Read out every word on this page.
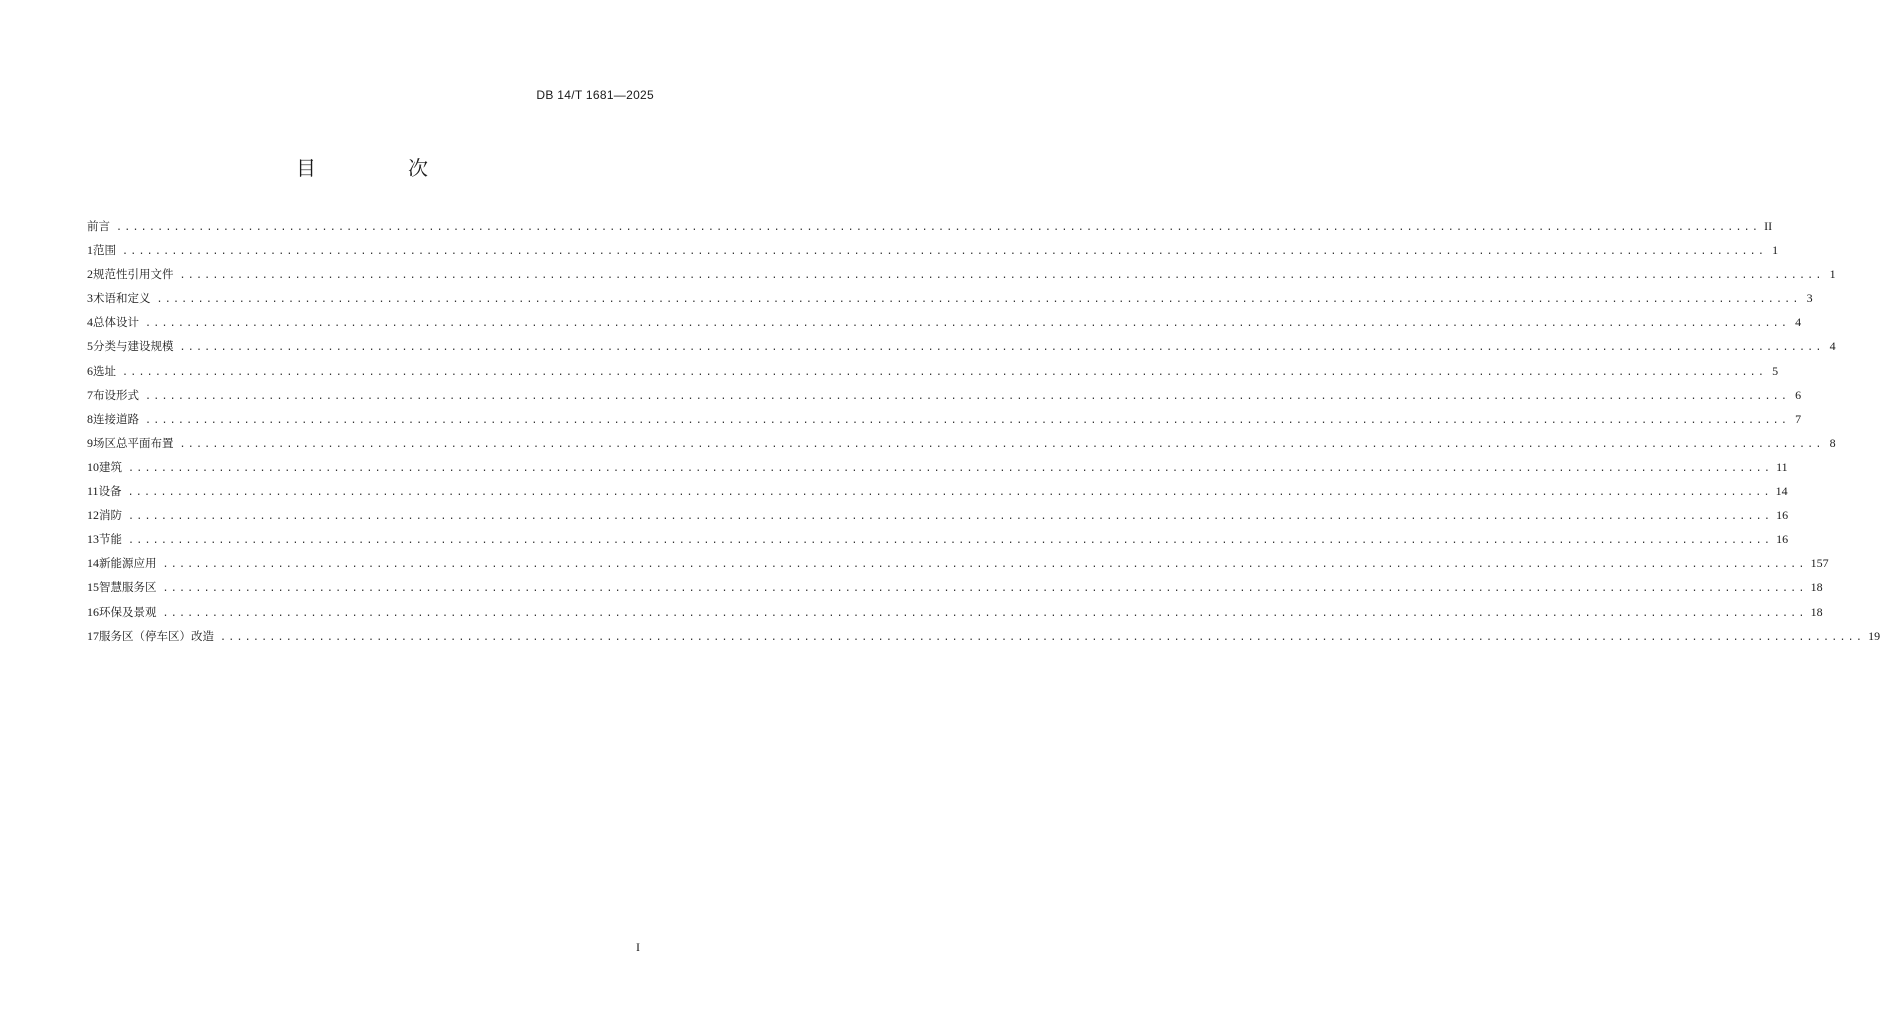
DB 14/T 1681—2025
目　次
前言 ........................................................................................................................................................................................................ II
1 范围 ........................................................................................................................................................................................................ 1
2 规范性引用文件 ........................................................................................................................................................................................................ 1
3 术语和定义 ........................................................................................................................................................................................................ 3
4 总体设计 ........................................................................................................................................................................................................ 4
5 分类与建设规模 ........................................................................................................................................................................................................ 4
6 选址 ........................................................................................................................................................................................................ 5
7 布设形式 ........................................................................................................................................................................................................ 6
8 连接道路 ........................................................................................................................................................................................................ 7
9 场区总平面布置 ........................................................................................................................................................................................................ 8
10 建筑 ........................................................................................................................................................................................................ 11
11 设备 ........................................................................................................................................................................................................ 14
12 消防 ........................................................................................................................................................................................................ 16
13 节能 ........................................................................................................................................................................................................ 16
14 新能源应用 ........................................................................................................................................................................................................ 157
15 智慧服务区 ........................................................................................................................................................................................................ 18
16 环保及景观 ........................................................................................................................................................................................................ 18
17 服务区（停车区）改造 ........................................................................................................................................................................................................ 19
I
